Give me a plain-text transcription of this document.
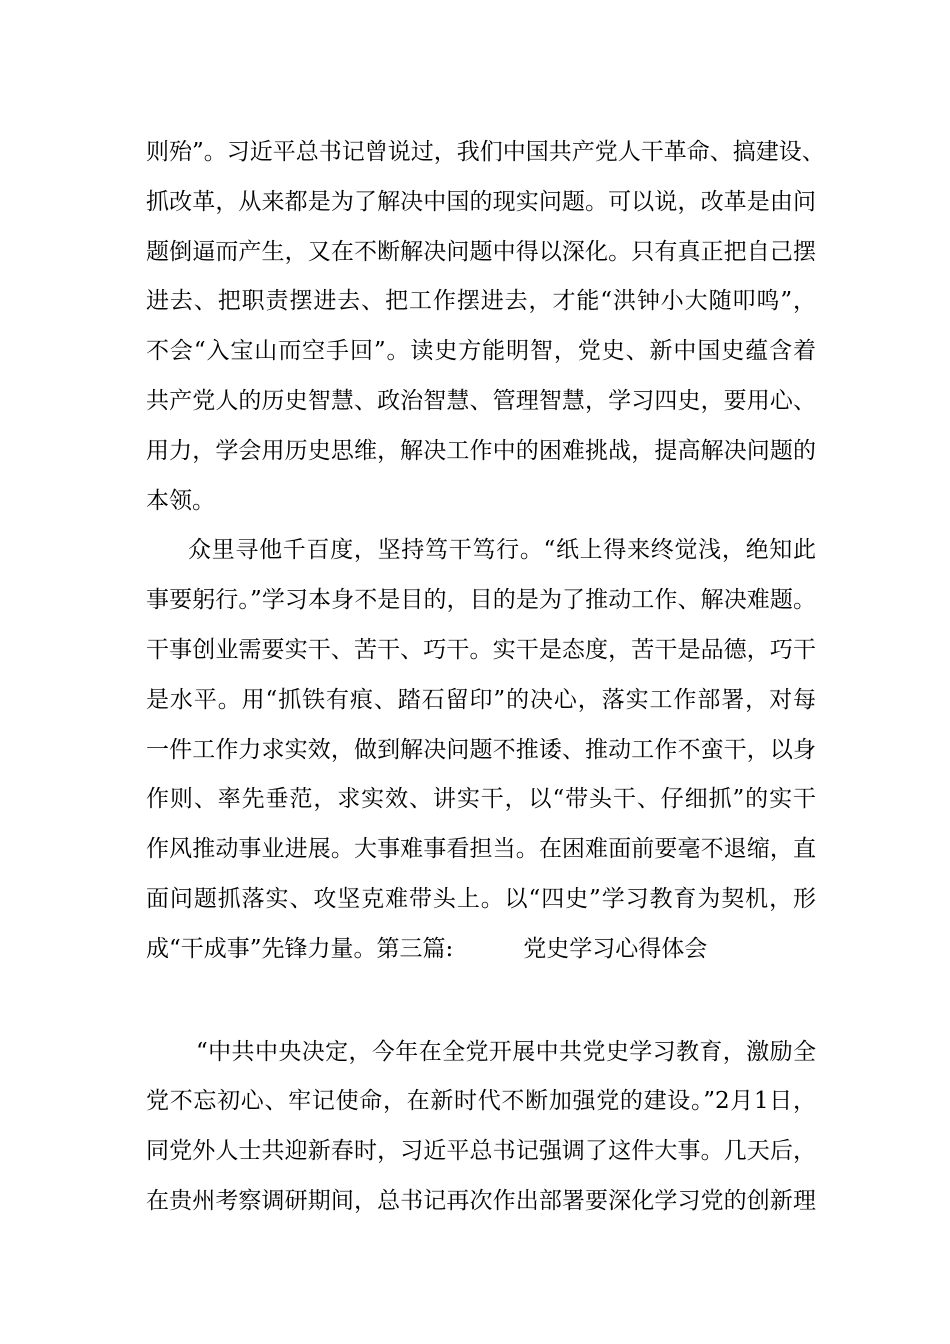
则殆”。习近平总书记曾说过，我们中国共产党人干革命、搞建设、
抓改革，从来都是为了解决中国的现实问题。可以说，改革是由问
题倒逼而产生，又在不断解决问题中得以深化。只有真正把自己摆
进去、把职责摆进去、把工作摆进去，才能“洪钟小大随叩鸣”，
不会“入宝山而空手回”。读史方能明智，党史、新中国史蕴含着
共产党人的历史智慧、政治智慧、管理智慧，学习四史，要用心、
用力，学会用历史思维，解决工作中的困难挑战，提高解决问题的
本领。
众里寻他千百度，坚持笃干笃行。“纸上得来终觉浅，绝知此
事要躬行。”学习本身不是目的，目的是为了推动工作、解决难题。
干事创业需要实干、苦干、巧干。实干是态度，苦干是品德，巧干
是水平。用“抓铁有痕、踏石留印”的决心，落实工作部署，对每
一件工作力求实效，做到解决问题不推诿、推动工作不蛮干，以身
作则、率先垂范，求实效、讲实干，以“带头干、仔细抓”的实干
作风推动事业进展。大事难事看担当。在困难面前要毫不退缩，直
面问题抓落实、攻坚克难带头上。以“四史”学习教育为契机，形
成“干成事”先锋力量。第三篇:	党史学习心得体会
“中共中央决定，今年在全党开展中共党史学习教育，激励全
党不忘初心、牢记使命，在新时代不断加强党的建设。”2月1日，
同党外人士共迎新春时，习近平总书记强调了这件大事。几天后，
在贵州考察调研期间，总书记再次作出部署要深化学习党的创新理
